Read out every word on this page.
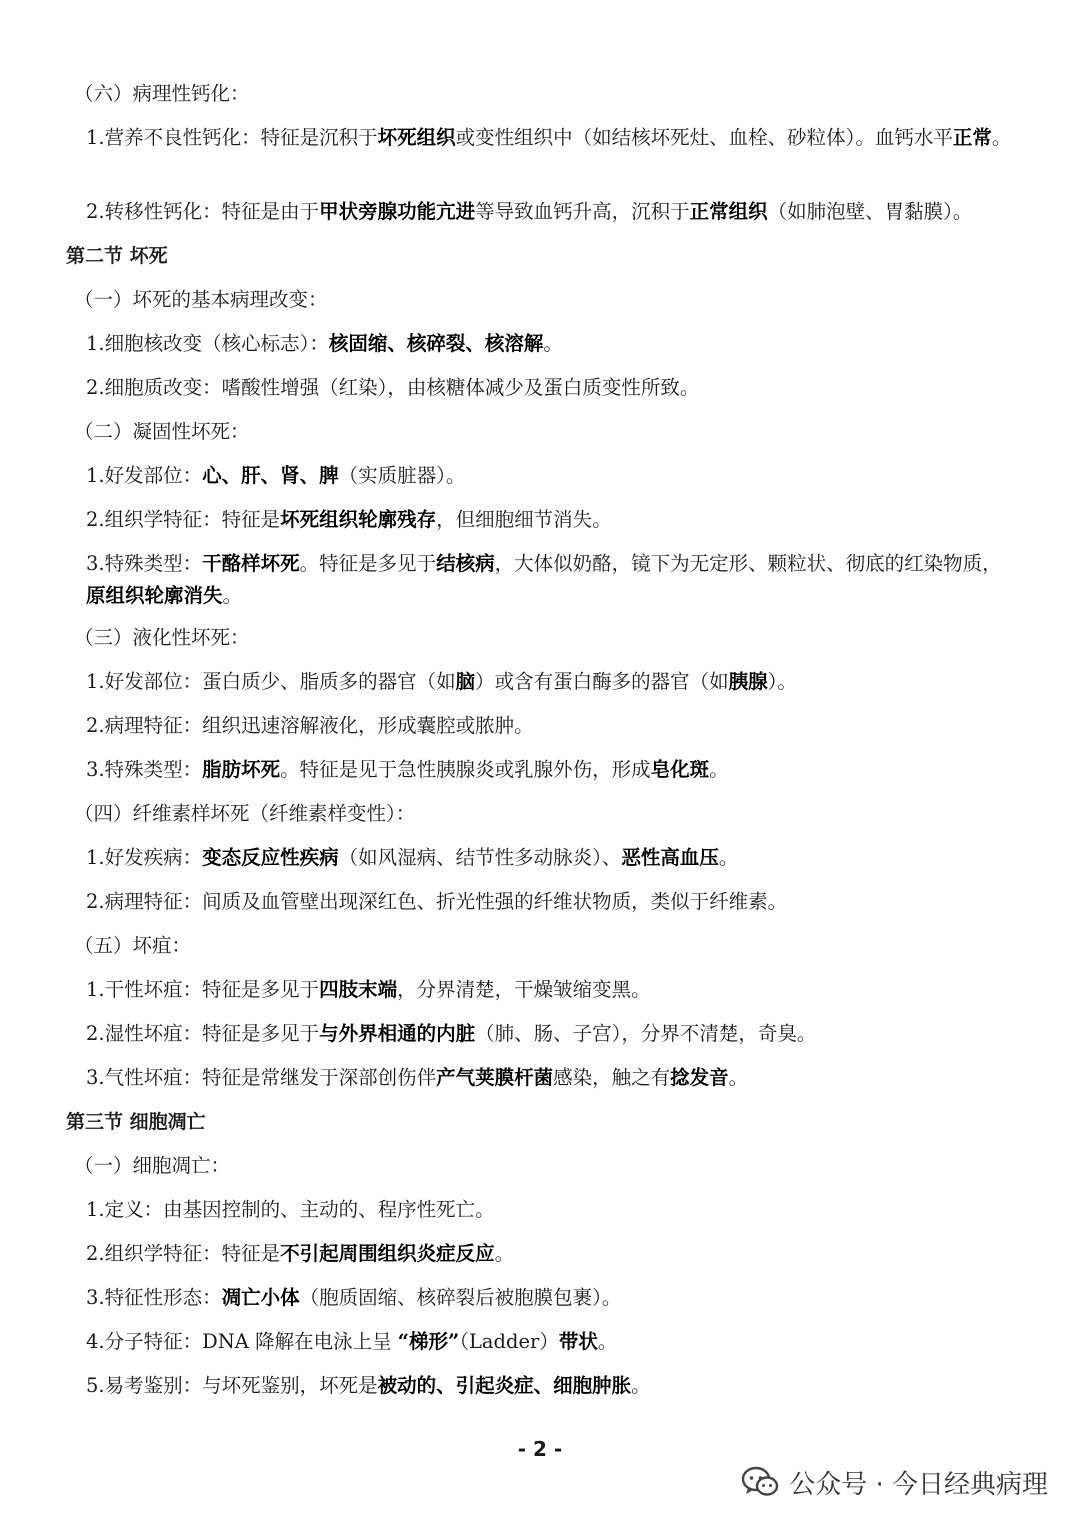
（六）病理性钙化：
1.营养不良性钙化：特征是沉积于坏死组织或变性组织中（如结核坏死灶、血栓、砂粒体）。血钙水平正常。
2.转移性钙化：特征是由于甲状旁腺功能亢进等导致血钙升高，沉积于正常组织（如肺泡壁、胃黏膜）。
第二节 坏死
（一）坏死的基本病理改变：
1.细胞核改变（核心标志）：核固缩、核碎裂、核溶解。
2.细胞质改变：嗜酸性增强（红染），由核糖体减少及蛋白质变性所致。
（二）凝固性坏死：
1.好发部位：心、肝、肾、脾（实质脏器）。
2.组织学特征：特征是坏死组织轮廓残存，但细胞细节消失。
3.特殊类型：干酪样坏死。特征是多见于结核病，大体似奶酪，镜下为无定形、颗粒状、彻底的红染物质，原组织轮廓消失。
（三）液化性坏死：
1.好发部位：蛋白质少、脂质多的器官（如脑）或含有蛋白酶多的器官（如胰腺）。
2.病理特征：组织迅速溶解液化，形成囊腔或脓肿。
3.特殊类型：脂肪坏死。特征是见于急性胰腺炎或乳腺外伤，形成皂化斑。
（四）纤维素样坏死（纤维素样变性）：
1.好发疾病：变态反应性疾病（如风湿病、结节性多动脉炎）、恶性高血压。
2.病理特征：间质及血管壁出现深红色、折光性强的纤维状物质，类似于纤维素。
（五）坏疽：
1.干性坏疽：特征是多见于四肢末端，分界清楚，干燥皱缩变黑。
2.湿性坏疽：特征是多见于与外界相通的内脏（肺、肠、子宫），分界不清楚，奇臭。
3.气性坏疽：特征是常继发于深部创伤伴产气荚膜杆菌感染，触之有捻发音。
第三节 细胞凋亡
（一）细胞凋亡：
1.定义：由基因控制的、主动的、程序性死亡。
2.组织学特征：特征是不引起周围组织炎症反应。
3.特征性形态：凋亡小体（胞质固缩、核碎裂后被胞膜包裹）。
4.分子特征：DNA 降解在电泳上呈 “梯形”（Ladder）带状。
5.易考鉴别：与坏死鉴别，坏死是被动的、引起炎症、细胞肿胀。
- 2 -
公众号 · 今日经典病理
